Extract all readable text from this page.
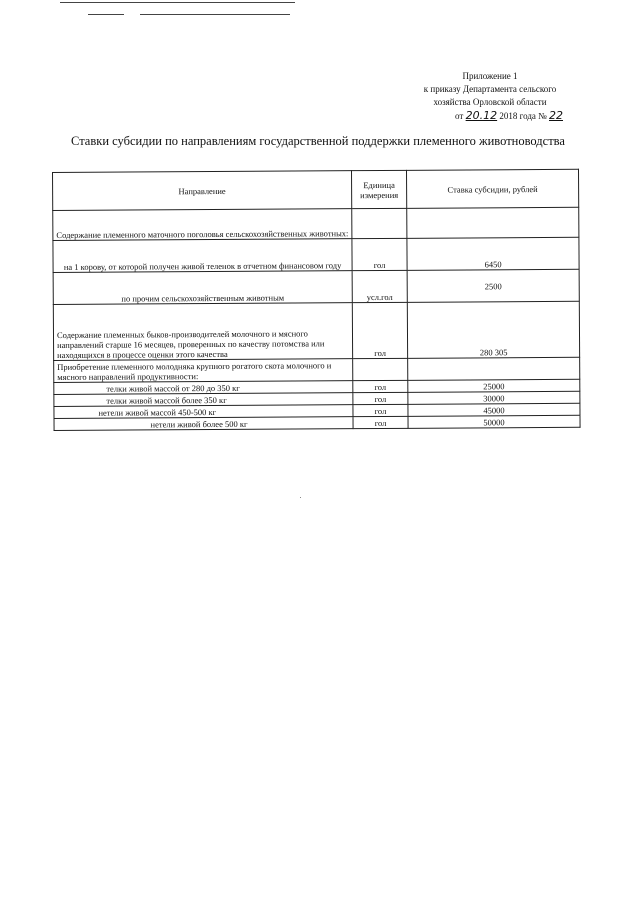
Приложение 1
к приказу Департамента сельского
хозяйства Орловской области
от 20.12 2018 года № 22
Ставки субсидии по направлениям государственной поддержки племенного животноводства
Направление	Единица измерения	Ставка субсидии, рублей
Содержание племенного маточного поголовья сельскохозяйственных животных:		
на 1 корову, от которой получен живой теленок в отчетном финансовом году	гол	6450
по прочим сельскохозяйственным животным	усл.гол	2500
Содержание племенных быков-производителей молочного и мясного направлений старше 16 месяцев, проверенных по качеству потомства или находящихся в процессе оценки этого качества	гол	280 305
Приобретение племенного молодняка крупного рогатого скота молочного и мясного направлений продуктивности:		
телки живой массой от 280 до 350 кг	гол	25000
телки живой массой более 350 кг	гол	30000
нетели живой массой 450-500 кг	гол	45000
нетели живой более 500 кг	гол	50000
